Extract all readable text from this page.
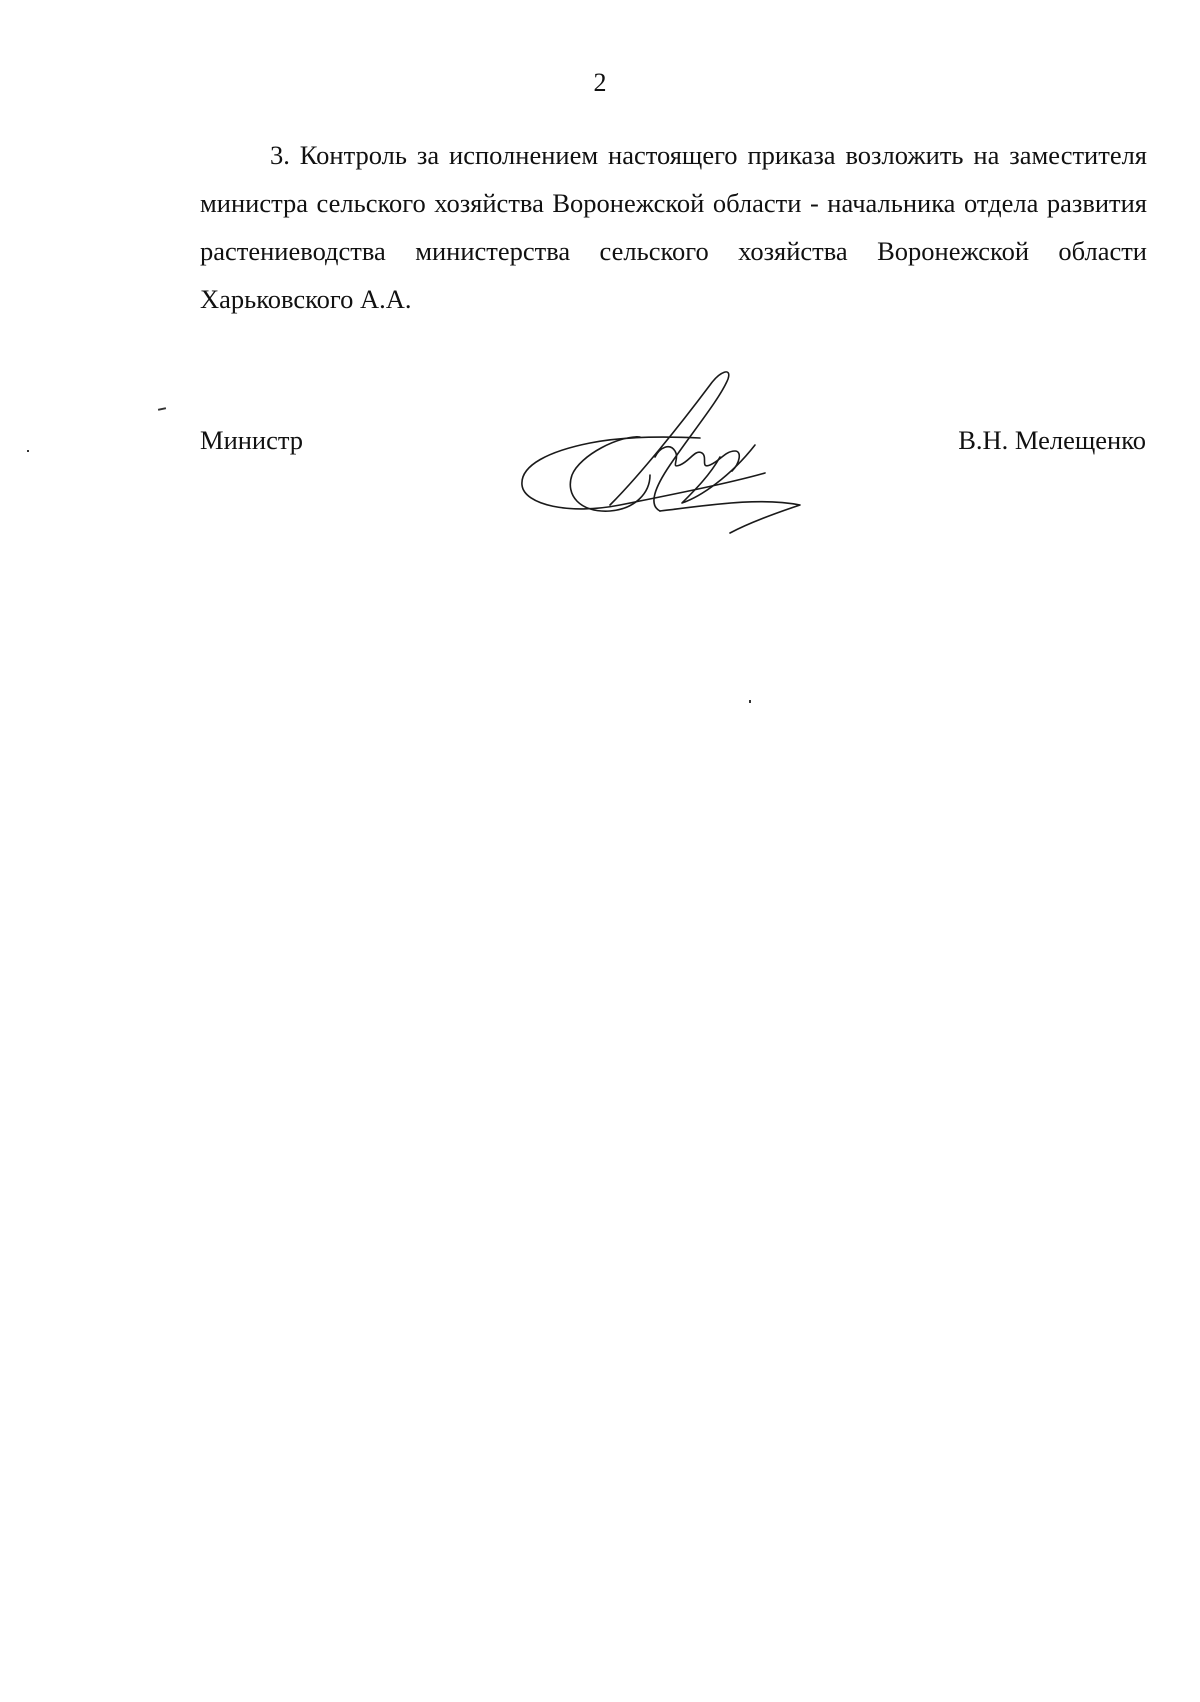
2

3. Контроль за исполнением настоящего приказа возложить на заместителя министра сельского хозяйства Воронежской области - начальника отдела развития растениеводства министерства сельского хозяйства Воронежской области Харьковского А.А.

Министр	В.Н. Мелещенко
